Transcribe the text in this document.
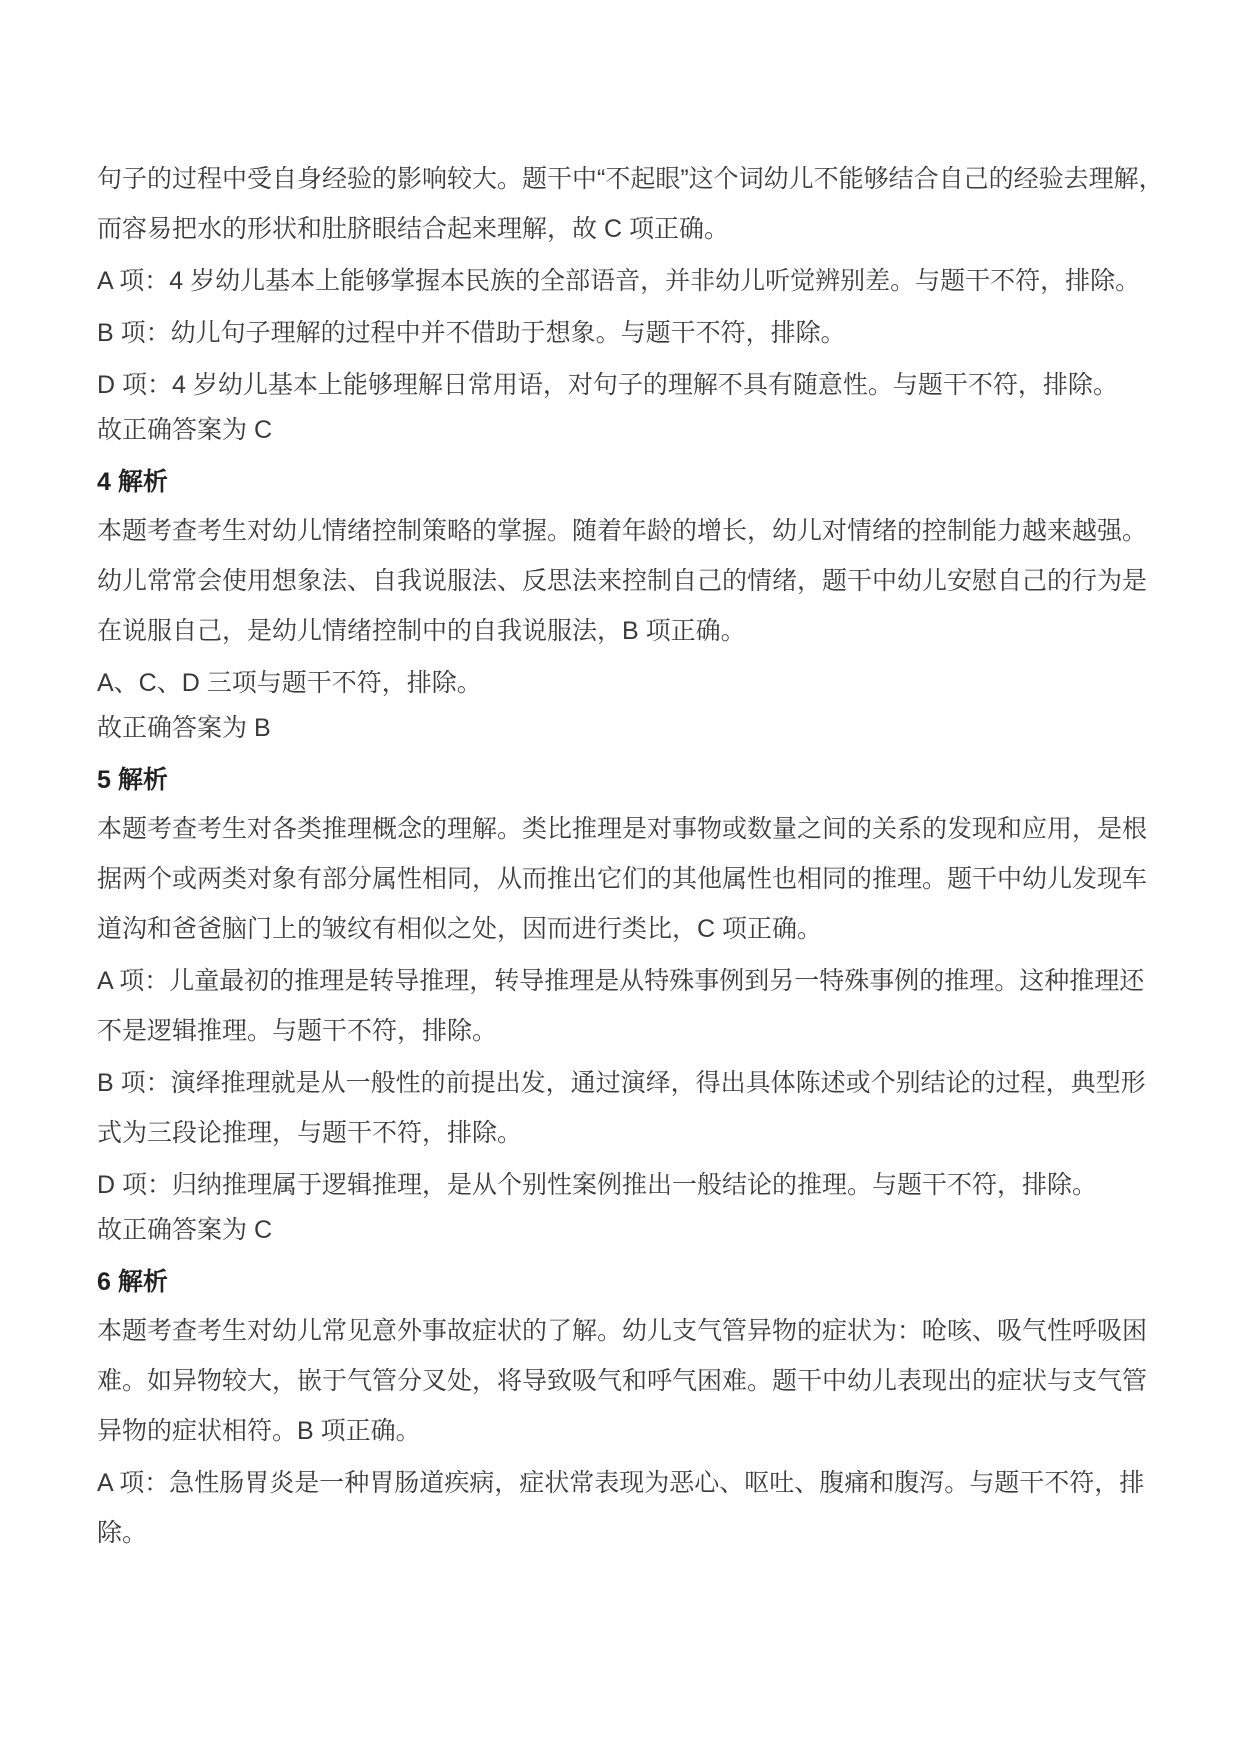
句子的过程中受自身经验的影响较大。题干中“不起眼”这个词幼儿不能够结合自己的经验去理解，
而容易把水的形状和肚脐眼结合起来理解，故 C 项正确。
A 项：4 岁幼儿基本上能够掌握本民族的全部语音，并非幼儿听觉辨别差。与题干不符，排除。
B 项：幼儿句子理解的过程中并不借助于想象。与题干不符，排除。
D 项：4 岁幼儿基本上能够理解日常用语，对句子的理解不具有随意性。与题干不符，排除。
故正确答案为 C
4 解析
本题考查考生对幼儿情绪控制策略的掌握。随着年龄的增长，幼儿对情绪的控制能力越来越强。
幼儿常常会使用想象法、自我说服法、反思法来控制自己的情绪，题干中幼儿安慰自己的行为是
在说服自己，是幼儿情绪控制中的自我说服法，B 项正确。
A、C、D 三项与题干不符，排除。
故正确答案为 B
5 解析
本题考查考生对各类推理概念的理解。类比推理是对事物或数量之间的关系的发现和应用，是根
据两个或两类对象有部分属性相同，从而推出它们的其他属性也相同的推理。题干中幼儿发现车
道沟和爸爸脑门上的皱纹有相似之处，因而进行类比，C 项正确。
A 项：儿童最初的推理是转导推理，转导推理是从特殊事例到另一特殊事例的推理。这种推理还
不是逻辑推理。与题干不符，排除。
B 项：演绎推理就是从一般性的前提出发，通过演绎，得出具体陈述或个别结论的过程，典型形
式为三段论推理，与题干不符，排除。
D 项：归纳推理属于逻辑推理，是从个别性案例推出一般结论的推理。与题干不符，排除。
故正确答案为 C
6 解析
本题考查考生对幼儿常见意外事故症状的了解。幼儿支气管异物的症状为：呛咳、吸气性呼吸困
难。如异物较大，嵌于气管分叉处，将导致吸气和呼气困难。题干中幼儿表现出的症状与支气管
异物的症状相符。B 项正确。
A 项：急性肠胃炎是一种胃肠道疾病，症状常表现为恶心、呕吐、腹痛和腹泻。与题干不符，排
除。
